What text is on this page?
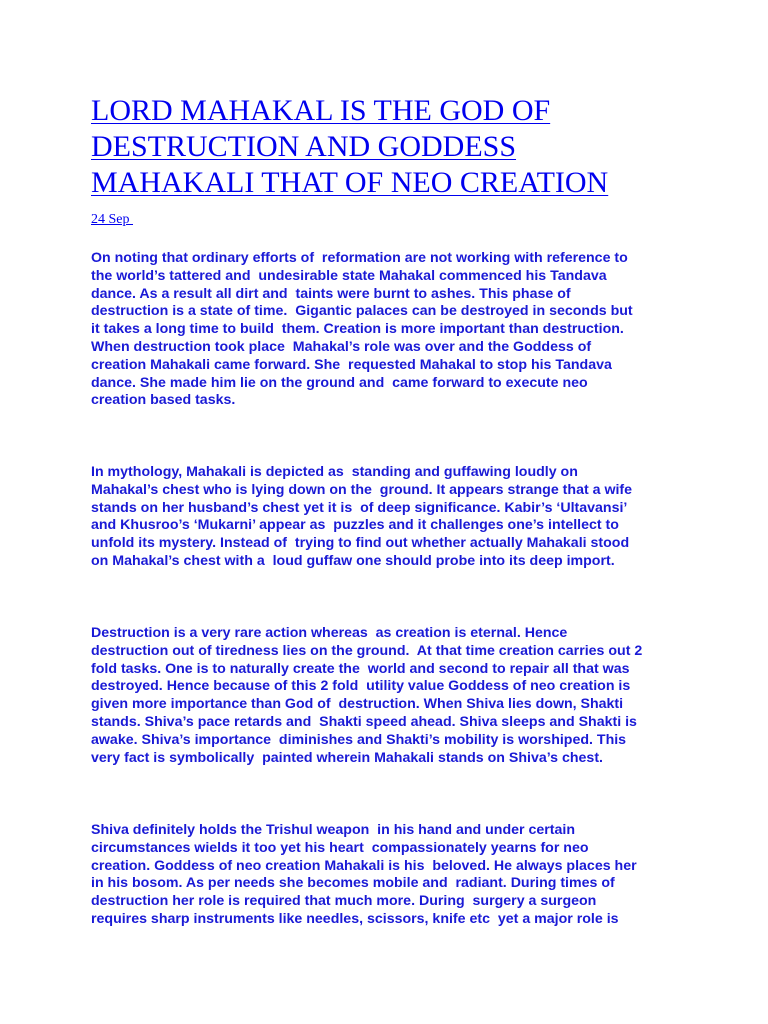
LORD MAHAKAL IS THE GOD OF
DESTRUCTION AND GODDESS
MAHAKALI THAT OF NEO CREATION
24 Sep
On noting that ordinary efforts of  reformation are not working with reference to
the world’s tattered and  undesirable state Mahakal commenced his Tandava
dance. As a result all dirt and  taints were burnt to ashes. This phase of
destruction is a state of time.  Gigantic palaces can be destroyed in seconds but
it takes a long time to build  them. Creation is more important than destruction.
When destruction took place  Mahakal’s role was over and the Goddess of
creation Mahakali came forward. She  requested Mahakal to stop his Tandava
dance. She made him lie on the ground and  came forward to execute neo
creation based tasks.
In mythology, Mahakali is depicted as  standing and guffawing loudly on
Mahakal’s chest who is lying down on the  ground. It appears strange that a wife
stands on her husband’s chest yet it is  of deep significance. Kabir’s ‘Ultavansi’
and Khusroo’s ‘Mukarni’ appear as  puzzles and it challenges one’s intellect to
unfold its mystery. Instead of  trying to find out whether actually Mahakali stood
on Mahakal’s chest with a  loud guffaw one should probe into its deep import.
Destruction is a very rare action whereas  as creation is eternal. Hence
destruction out of tiredness lies on the ground.  At that time creation carries out 2
fold tasks. One is to naturally create the  world and second to repair all that was
destroyed. Hence because of this 2 fold  utility value Goddess of neo creation is
given more importance than God of  destruction. When Shiva lies down, Shakti
stands. Shiva’s pace retards and  Shakti speed ahead. Shiva sleeps and Shakti is
awake. Shiva’s importance  diminishes and Shakti’s mobility is worshiped. This
very fact is symbolically  painted wherein Mahakali stands on Shiva’s chest.
Shiva definitely holds the Trishul weapon  in his hand and under certain
circumstances wields it too yet his heart  compassionately yearns for neo
creation. Goddess of neo creation Mahakali is his  beloved. He always places her
in his bosom. As per needs she becomes mobile and  radiant. During times of
destruction her role is required that much more. During  surgery a surgeon
requires sharp instruments like needles, scissors, knife etc  yet a major role is
